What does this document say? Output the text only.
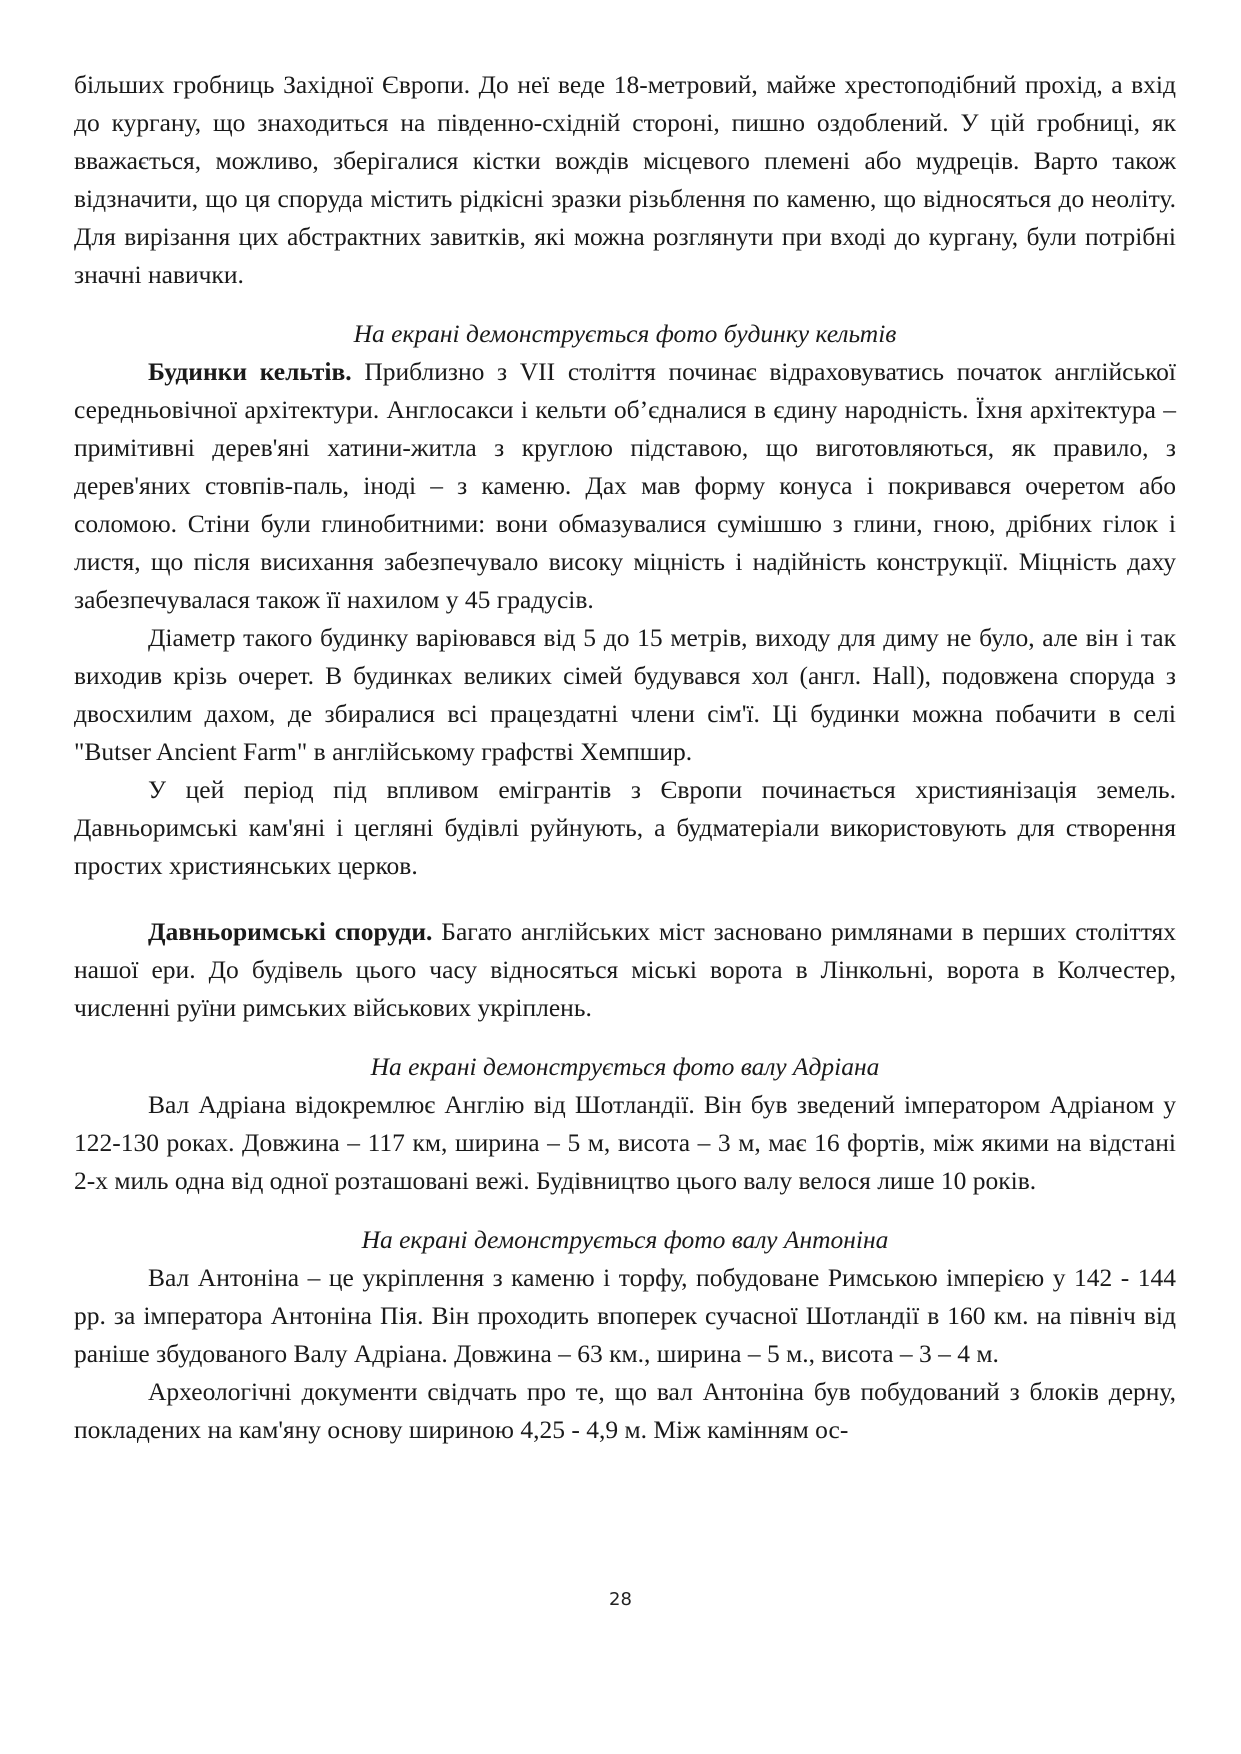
більших гробниць Західної Європи. До неї веде 18-метровий, майже хрестоподібний прохід, а вхід до кургану, що знаходиться на південно-східній стороні, пишно оздоблений. У цій гробниці, як вважається, можливо, зберігалися кістки вождів місцевого племені або мудреців. Варто також відзначити, що ця споруда містить рідкісні зразки різьблення по каменю, що відносяться до неоліту. Для вирізання цих абстрактних завитків, які можна розглянути при вході до кургану, були потрібні значні навички.

На екрані демонструється фото будинку кельтів

Будинки кельтів. Приблизно з VII століття починає відраховуватись початок англійської середньовічної архітектури. Англосакси і кельти об’єдналися в єдину народність. Їхня архітектура – примітивні дерев'яні хатини-житла з круглою підставою, що виготовляються, як правило, з дерев'яних стовпів-паль, іноді – з каменю. Дах мав форму конуса і покривався очеретом або соломою. Стіни були глинобитними: вони обмазувалися сумішшю з глини, гною, дрібних гілок і листя, що після висихання забезпечувало високу міцність і надійність конструкції. Міцність даху забезпечувалася також її нахилом у 45 градусів.

Діаметр такого будинку варіювався від 5 до 15 метрів, виходу для диму не було, але він і так виходив крізь очерет. В будинках великих сімей будувався хол (англ. Hall), подовжена споруда з двосхилим дахом, де збиралися всі працездатні члени сім'ї. Ці будинки можна побачити в селі "Butser Ancient Farm" в англійському графстві Хемпшир.

У цей період під впливом емігрантів з Європи починається християнізація земель. Давньоримські кам'яні і цегляні будівлі руйнують, а будматеріали використовують для створення простих християнських церков.

Давньоримські споруди. Багато англійських міст засновано римлянами в перших століттях нашої ери. До будівель цього часу відносяться міські ворота в Лінкольні, ворота в Колчестер, численні руїни римських військових укріплень.

На екрані демонструється фото валу Адріана

Вал Адріана відокремлює Англію від Шотландії. Він був зведений імператором Адріаном у 122-130 роках. Довжина – 117 км, ширина – 5 м, висота – 3 м, має 16 фортів, між якими на відстані 2-х миль одна від одної розташовані вежі. Будівництво цього валу велося лише 10 років.

На екрані демонструється фото валу Антоніна

Вал Антоніна – це укріплення з каменю і торфу, побудоване Римською імперією у 142 - 144 рр. за імператора Антоніна Пія. Він проходить впоперек сучасної Шотландії в 160 км. на північ від раніше збудованого Валу Адріана. Довжина – 63 км., ширина – 5 м., висота – 3 – 4 м.

Археологічні документи свідчать про те, що вал Антоніна був побудований з блоків дерну, покладених на кам'яну основу шириною 4,25 - 4,9 м. Між камінням ос-

28
